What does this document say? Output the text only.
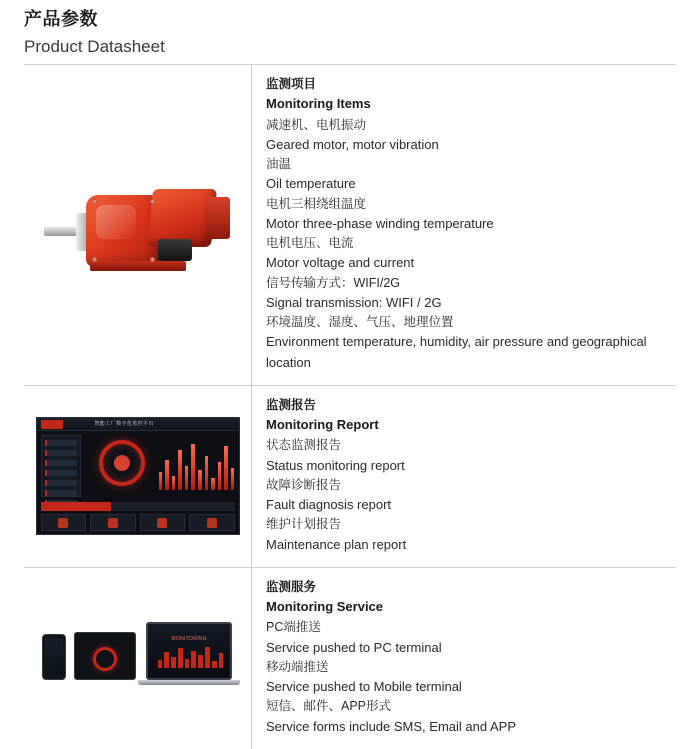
产品参数
Product Datasheet
监测项目
Monitoring Items
减速机、电机振动
Geared motor, motor vibration
油温
Oil temperature
电机三相绕组温度
Motor three-phase winding temperature
电机电压、电流
Motor voltage and current
信号传输方式：WIFI/2G
Signal transmission: WIFI / 2G
环境温度、湿度、气压、地理位置
Environment temperature, humidity, air pressure and geographical location
智能工厂数字化监控平台
监测报告
Monitoring Report
状态监测报告
Status monitoring report
故障诊断报告
Fault diagnosis report
维护计划报告
Maintenance plan report
MONITORING
监测服务
Monitoring Service
PC端推送
Service pushed to PC terminal
移动端推送
Service pushed to Mobile terminal
短信、邮件、APP形式
Service forms include SMS, Email and APP
